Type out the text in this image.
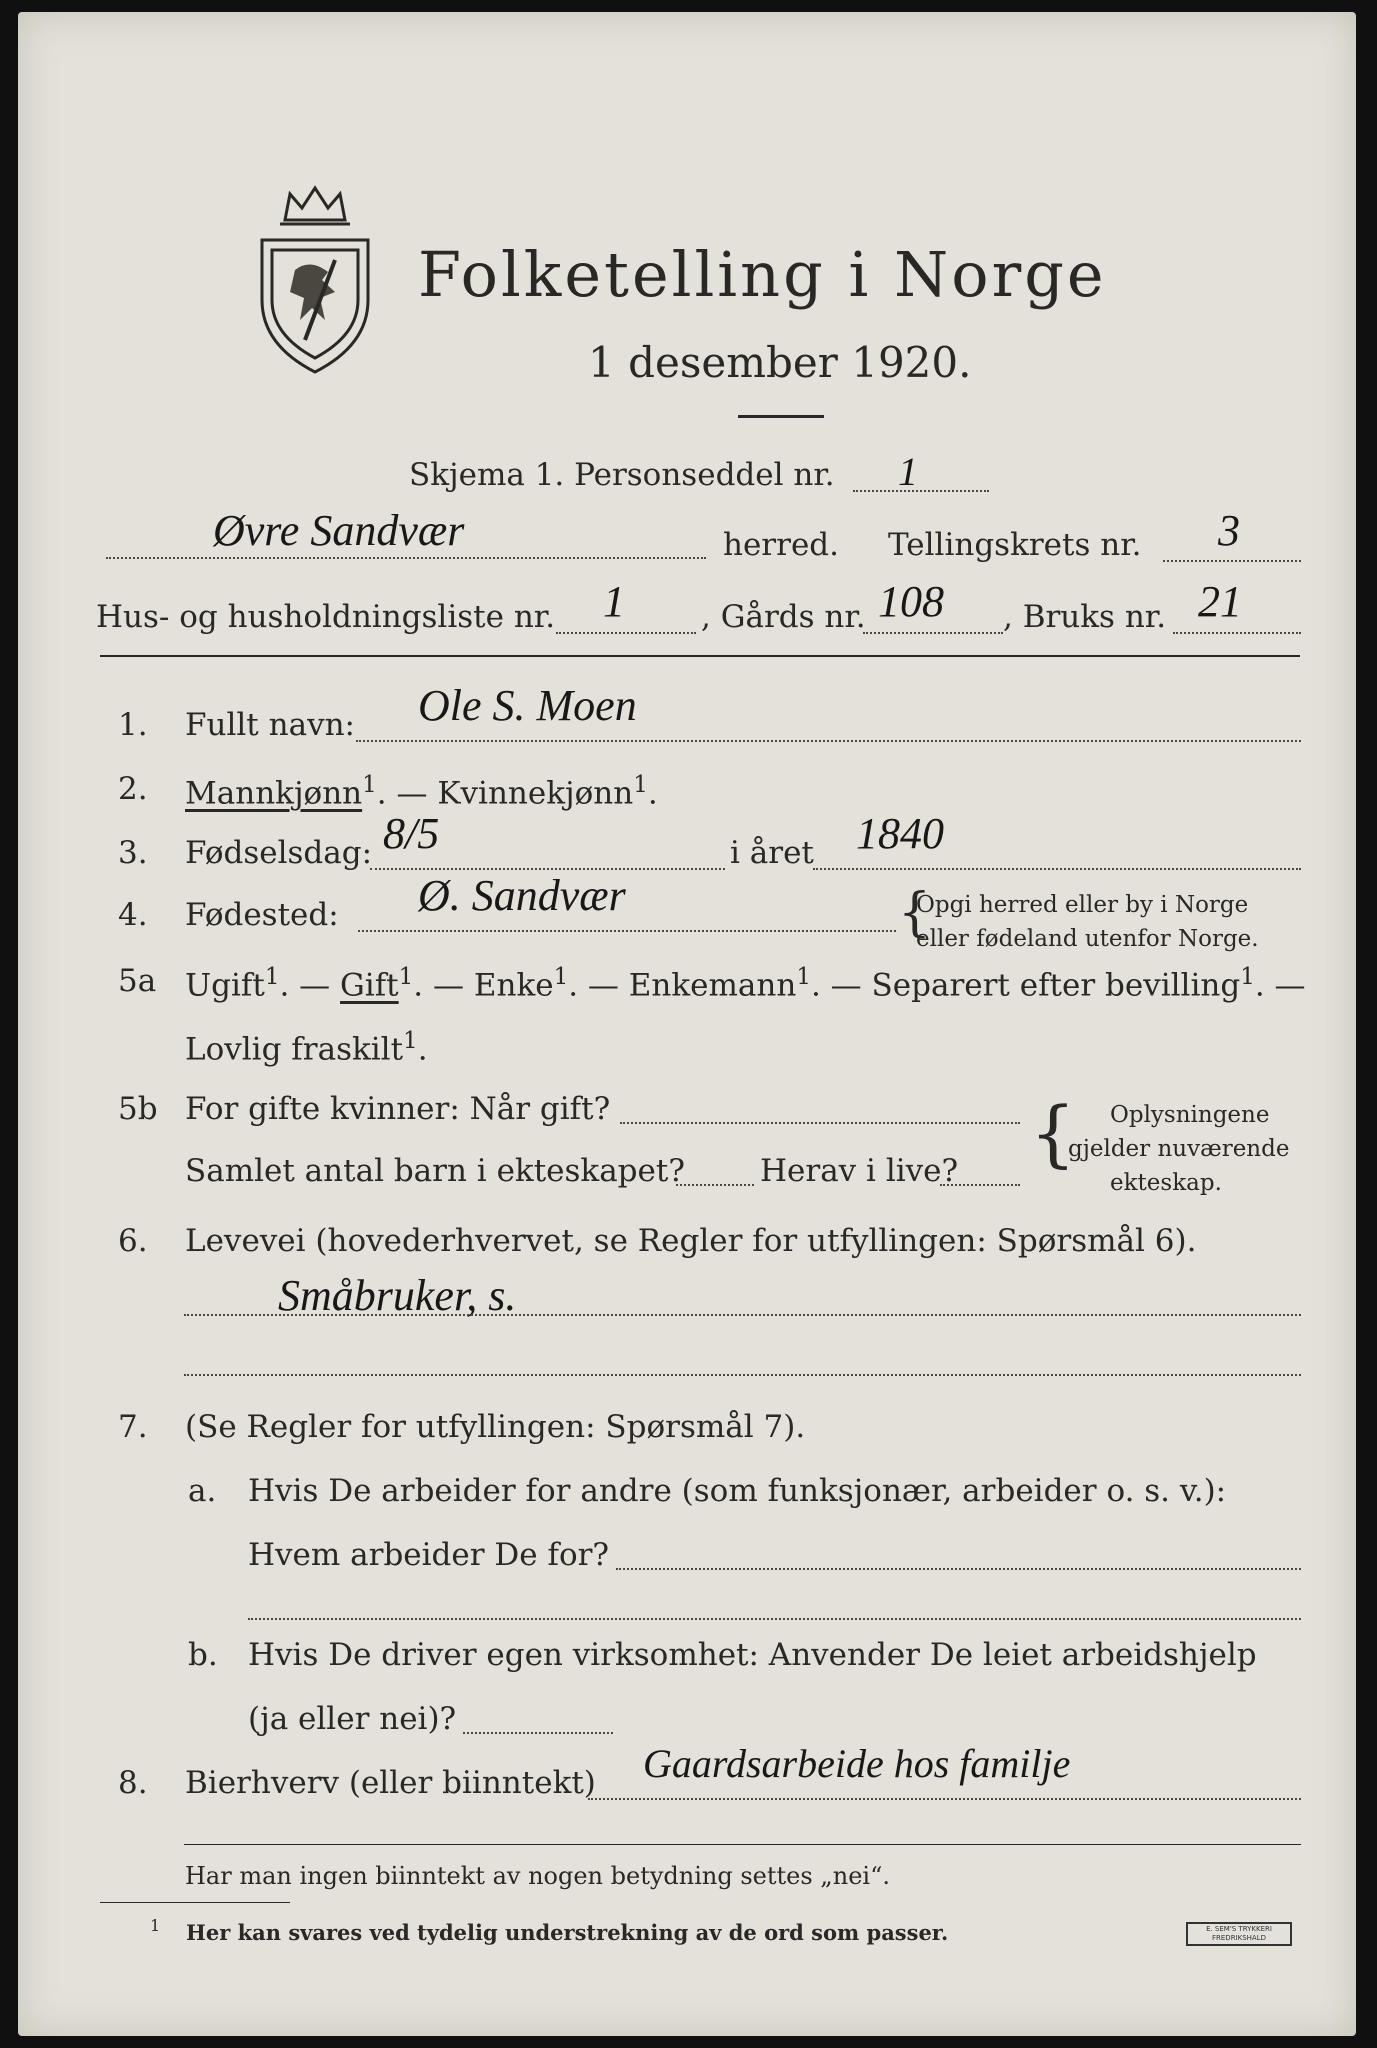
Folketelling i Norge
1 desember 1920.
Skjema 1. Personseddel nr. 1
Øvre Sandvær	herred. Tellingskrets nr. 3
Hus- og husholdningsliste nr. 1 , Gårds nr. 108 , Bruks nr. 21
1. Fullt navn: Ole S. Moen
2. Mannkjønn$^1$. — Kvinnekjønn$^1$.
3. Fødselsdag: 8/5	i året 1840
4. Fødested: Ø. Sandvær	{
Opgi herred eller by i Norge
eller fødeland utenfor Norge.
5a Ugift$^1$. — Gift$^1$. — Enke$^1$. — Enkemann$^1$. — Separert efter bevilling$^1$. —
Lovlig fraskilt$^1$.
5b For gifte kvinner: Når gift?
Samlet antal barn i ekteskapet? Herav i live? { Oplysningene
gjelder nuværende
ekteskap.
6. Levevei (hovederhvervet, se Regler for utfyllingen: Spørsmål 6).
Småbruker, s.
7. (Se Regler for utfyllingen: Spørsmål 7).
a. Hvis De arbeider for andre (som funksjonær, arbeider o. s. v.):
Hvem arbeider De for?
b. Hvis De driver egen virksomhet: Anvender De leiet arbeidshjelp
(ja eller nei)?
8. Bierhverv (eller biinntekt) Gaardsarbeide hos familje
Har man ingen biinntekt av nogen betydning settes „nei“.
1 Her kan svares ved tydelig understrekning av de ord som passer.	E. SEM'S TRYKKERI
FREDRIKSHALD
